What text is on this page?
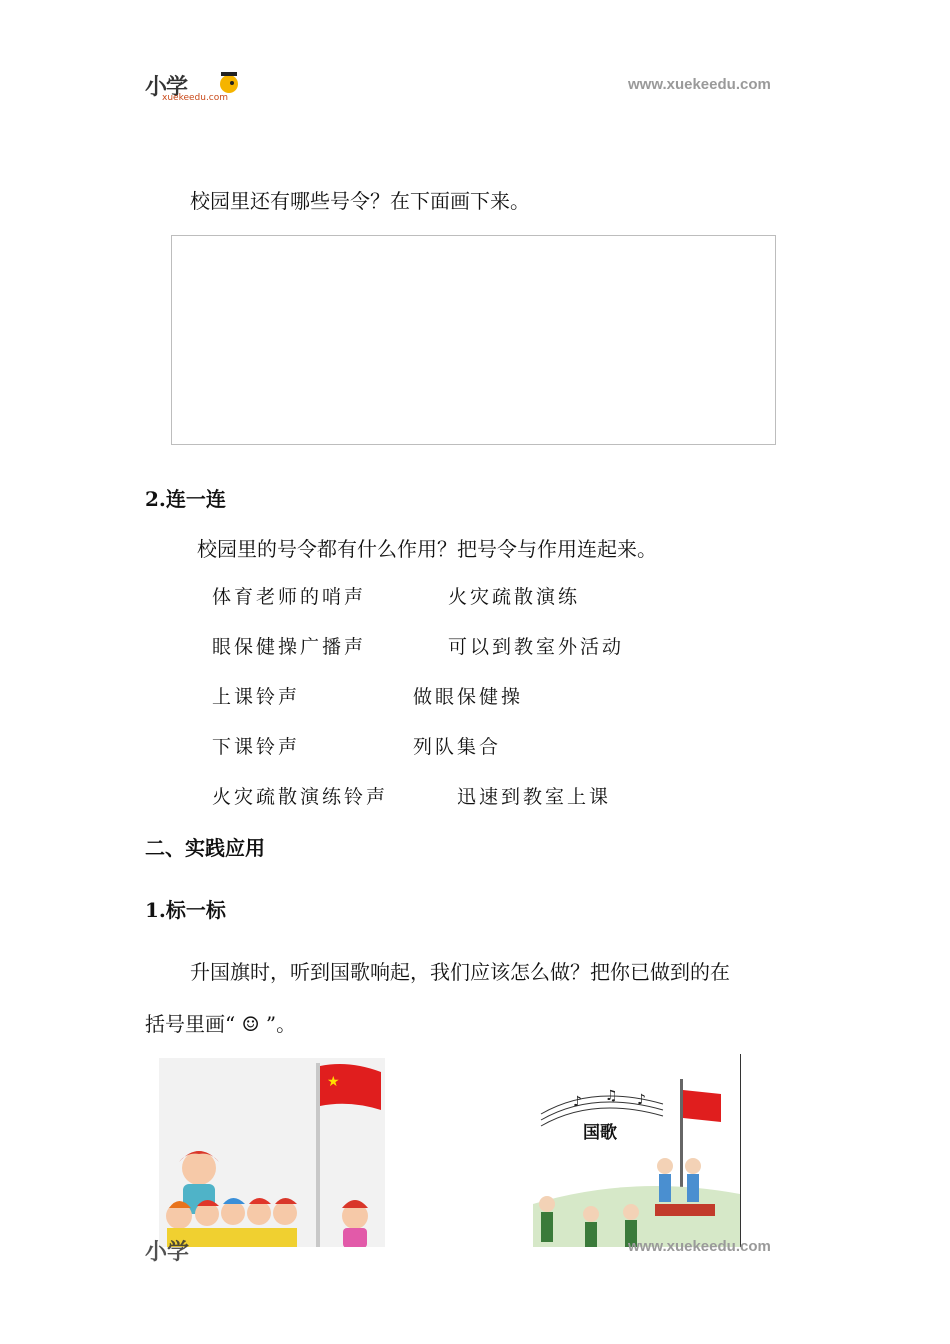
小学
xuekeedu.com
www.xuekeedu.com
校园里还有哪些号令？在下面画下来。
2.连一连
校园里的号令都有什么作用？把号令与作用连起来。
体育老师的哨声	火灾疏散演练
眼保健操广播声	可以到教室外活动
上课铃声	做眼保健操
下课铃声	列队集合
火灾疏散演练铃声	迅速到教室上课
二、实践应用
1.标一标
升国旗时，听到国歌响起，我们应该怎么做？把你已做到的在
括号里画“ ☺ ”。
★
♪ ♫ ♪
国歌
小学	www.xuekeedu.com
